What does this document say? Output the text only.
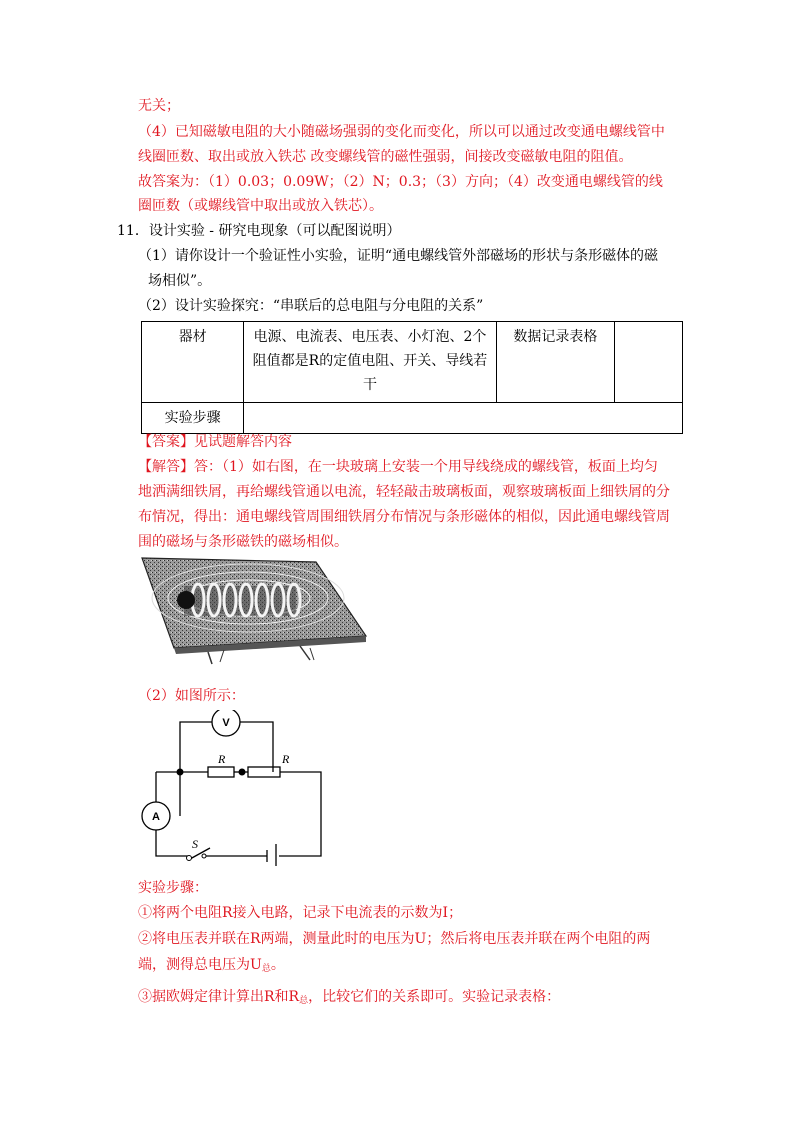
无关；
（4）已知磁敏电阻的大小随磁场强弱的变化而变化，所以可以通过改变通电螺线管中
线圈匝数、取出或放入铁芯 改变螺线管的磁性强弱，间接改变磁敏电阻的阻值。
故答案为：（1）0.03；0.09W；（2）N；0.3；（3）方向；（4）改变通电螺线管的线
圈匝数（或螺线管中取出或放入铁芯）。
11．设计实验 - 研究电现象（可以配图说明）
（1）请你设计一个验证性小实验，证明“通电螺线管外部磁场的形状与条形磁体的磁
场相似”。
（2）设计实验探究：“串联后的总电阻与分电阻的关系”
器材	电源、电流表、电压表、小灯泡、2个阻值都是R的定值电阻、开关、导线若干	数据记录表格	
实验步骤			
【答案】见试题解答内容
【解答】答：（1）如右图，在一块玻璃上安装一个用导线绕成的螺线管，板面上均匀
地洒满细铁屑，再给螺线管通以电流，轻轻敲击玻璃板面，观察玻璃板面上细铁屑的分
布情况，得出：通电螺线管周围细铁屑分布情况与条形磁体的相似，因此通电螺线管周
围的磁场与条形磁铁的磁场相似。
（2）如图所示：
V
A
R	R
S
实验步骤：
①将两个电阻R接入电路，记录下电流表的示数为I；
②将电压表并联在R两端，测量此时的电压为U；然后将电压表并联在两个电阻的两
端，测得总电压为$U_总$。
③据欧姆定律计算出R和$R_总$，比较它们的关系即可。实验记录表格：
